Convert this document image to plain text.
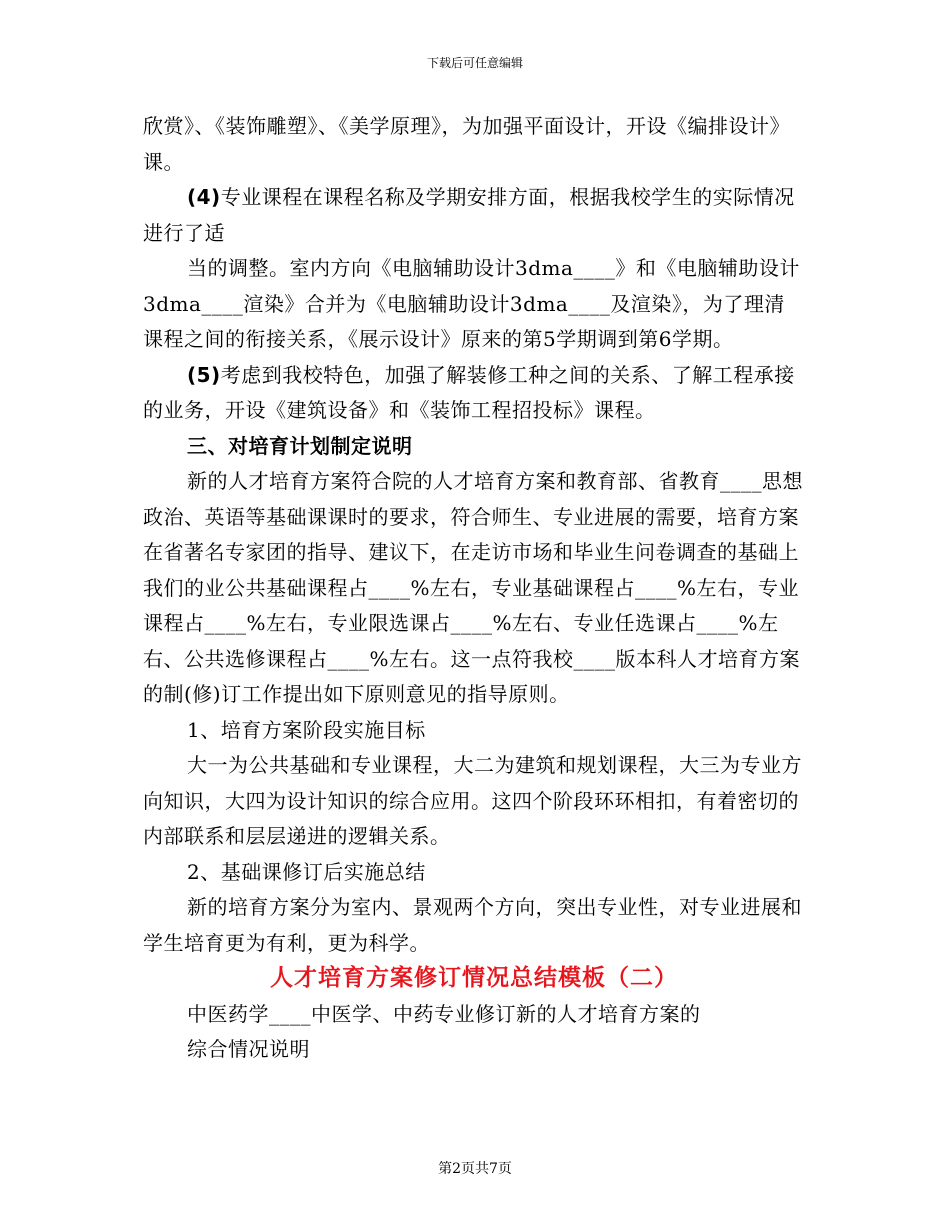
下载后可任意编辑

欣赏》、《装饰雕塑》、《美学原理》，为加强平面设计，开设《编排设计》课。

(4)专业课程在课程名称及学期安排方面，根据我校学生的实际情况进行了适

当的调整。室内方向《电脑辅助设计3dma____》和《电脑辅助设计3dma____渲染》合并为《电脑辅助设计3dma____及渲染》，为了理清课程之间的衔接关系，《展示设计》原来的第5学期调到第6学期。

(5)考虑到我校特色，加强了解装修工种之间的关系、了解工程承接的业务，开设《建筑设备》和《装饰工程招投标》课程。

三、对培育计划制定说明

新的人才培育方案符合院的人才培育方案和教育部、省教育____思想政治、英语等基础课课时的要求，符合师生、专业进展的需要，培育方案在省著名专家团的指导、建议下，在走访市场和毕业生问卷调查的基础上我们的业公共基础课程占____%左右，专业基础课程占____%左右，专业课程占____%左右，专业限选课占____%左右、专业任选课占____%左右、公共选修课程占____%左右。这一点符我校____版本科人才培育方案的制(修)订工作提出如下原则意见的指导原则。

1、培育方案阶段实施目标

大一为公共基础和专业课程，大二为建筑和规划课程，大三为专业方向知识，大四为设计知识的综合应用。这四个阶段环环相扣，有着密切的内部联系和层层递进的逻辑关系。

2、基础课修订后实施总结

新的培育方案分为室内、景观两个方向，突出专业性，对专业进展和学生培育更为有利，更为科学。

人才培育方案修订情况总结模板（二）

中医药学____中医学、中药专业修订新的人才培育方案的

综合情况说明

第2页共7页
